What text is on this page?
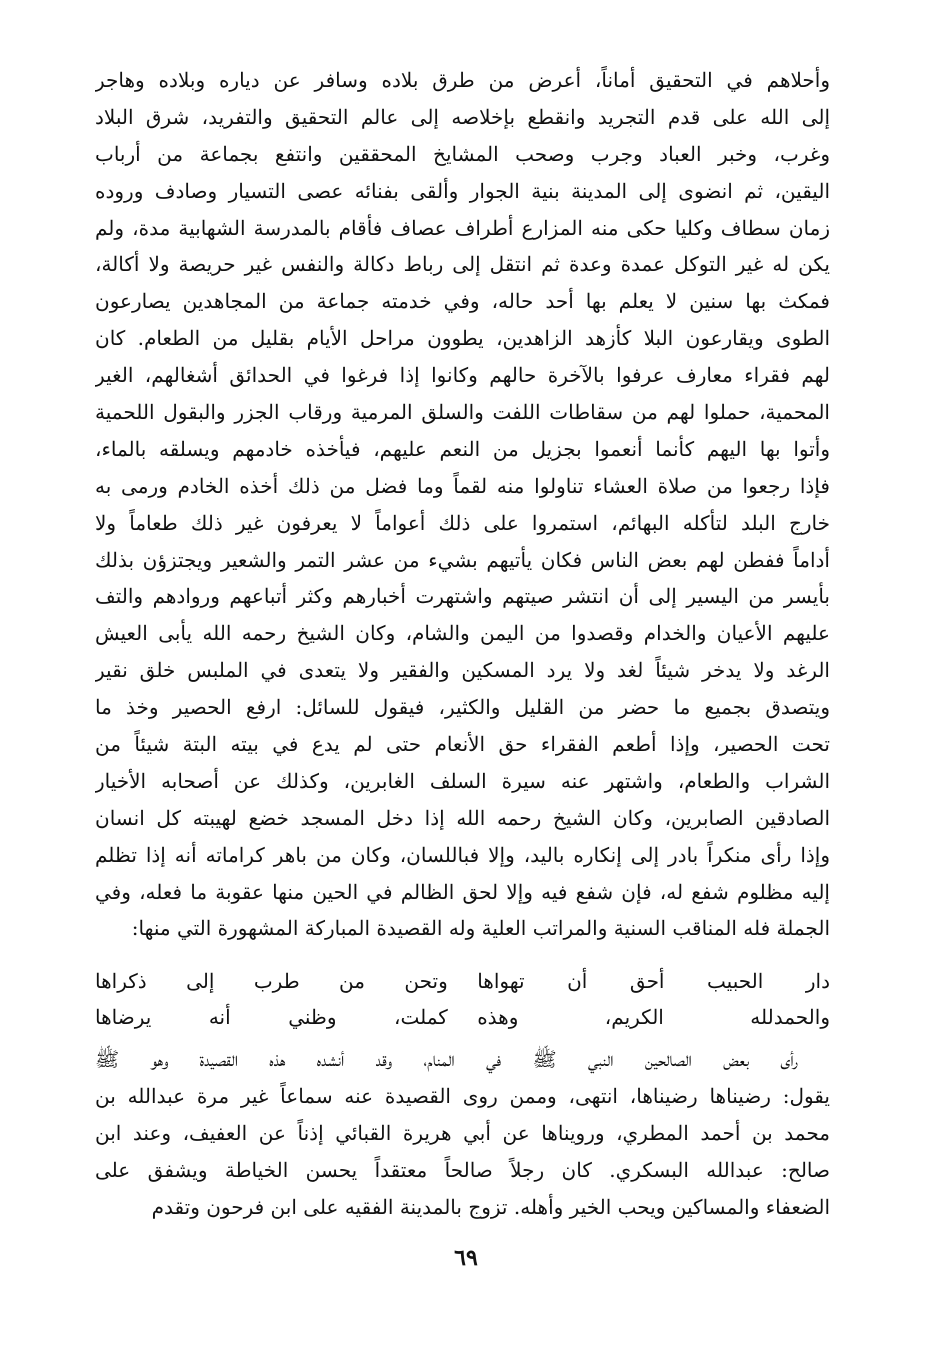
وأحلاهم في التحقيق أماناً، أعرض من طرق بلاده وسافر عن دياره وبلاده وهاجر
إلى الله على قدم التجريد وانقطع بإخلاصه إلى عالم التحقيق والتفريد، شرق البلاد
وغرب، وخبر العباد وجرب وصحب المشايخ المحققين وانتفع بجماعة من أرباب
اليقين، ثم انضوى إلى المدينة بنية الجوار وألقى بفنائه عصى التسيار وصادف وروده
زمان سطاف وكليا حكى منه المزارع أطراف عصاف فأقام بالمدرسة الشهابية مدة، ولم
يكن له غير التوكل عمدة وعدة ثم انتقل إلى رباط دكالة والنفس غير حريصة ولا أكالة،
فمكث بها سنين لا يعلم بها أحد حاله، وفي خدمته جماعة من المجاهدين يصارعون
الطوى ويقارعون البلا كأزهد الزاهدين، يطوون مراحل الأيام بقليل من الطعام. كان
لهم فقراء معارف عرفوا بالآخرة حالهم وكانوا إذا فرغوا في الحدائق أشغالهم، الغير
المحمية، حملوا لهم من سقاطات اللفت والسلق المرمية ورقاب الجزر والبقول اللحمية
وأتوا بها اليهم كأنما أنعموا بجزيل من النعم عليهم، فيأخذه خادمهم ويسلقه بالماء،
فإذا رجعوا من صلاة العشاء تناولوا منه لقماً وما فضل من ذلك أخذه الخادم ورمى به
خارج البلد لتأكله البهائم، استمروا على ذلك أعواماً لا يعرفون غير ذلك طعاماً ولا
أداماً ففطن لهم بعض الناس فكان يأتيهم بشيء من عشر التمر والشعير ويجتزؤن بذلك
بأيسر من اليسير إلى أن انتشر صيتهم واشتهرت أخبارهم وكثر أتباعهم وروادهم والتف
عليهم الأعيان والخدام وقصدوا من اليمن والشام، وكان الشيخ رحمه الله يأبى العيش
الرغد ولا يدخر شيئاً لغد ولا يرد المسكين والفقير ولا يتعدى في الملبس خلق نقير
ويتصدق بجميع ما حضر من القليل والكثير، فيقول للسائل: ارفع الحصير وخذ ما
تحت الحصير، وإذا أطعم الفقراء حق الأنعام حتى لم يدع في بيته البتة شيئاً من
الشراب والطعام، واشتهر عنه سيرة السلف الغابرين، وكذلك عن أصحابه الأخيار
الصادقين الصابرين، وكان الشيخ رحمه الله إذا دخل المسجد خضع لهيبته كل انسان
وإذا رأى منكراً بادر إلى إنكاره باليد، وإلا فباللسان، وكان من باهر كراماته أنه إذا تظلم
إليه مظلوم شفع له، فإن شفع فيه وإلا لحق الظالم في الحين منها عقوبة ما فعله، وفي
الجملة فله المناقب السنية والمراتب العلية وله القصيدة المباركة المشهورة التي منها:
دار الحبيب أحق أن تهواها
وتحن من طرب إلى ذكراها
والحمدلله الكريم، وهذه
كملت، وظني أنه يرضاها
رأى بعض الصالحين النبي ﷺ في المنام، وقد أنشده هذه القصيدة وهو ﷺ
يقول: رضيناها رضيناها، انتهى، وممن روى القصيدة عنه سماعاً غير مرة عبدالله بن
محمد بن أحمد المطري، ورويناها عن أبي هريرة القبائي إذناً عن العفيف، وعند ابن
صالح: عبدالله البسكري. كان رجلاً صالحاً معتقداً يحسن الخياطة ويشفق على
الضعفاء والمساكين ويحب الخير وأهله. تزوج بالمدينة الفقيه على ابن فرحون وتقدم
٦٩
